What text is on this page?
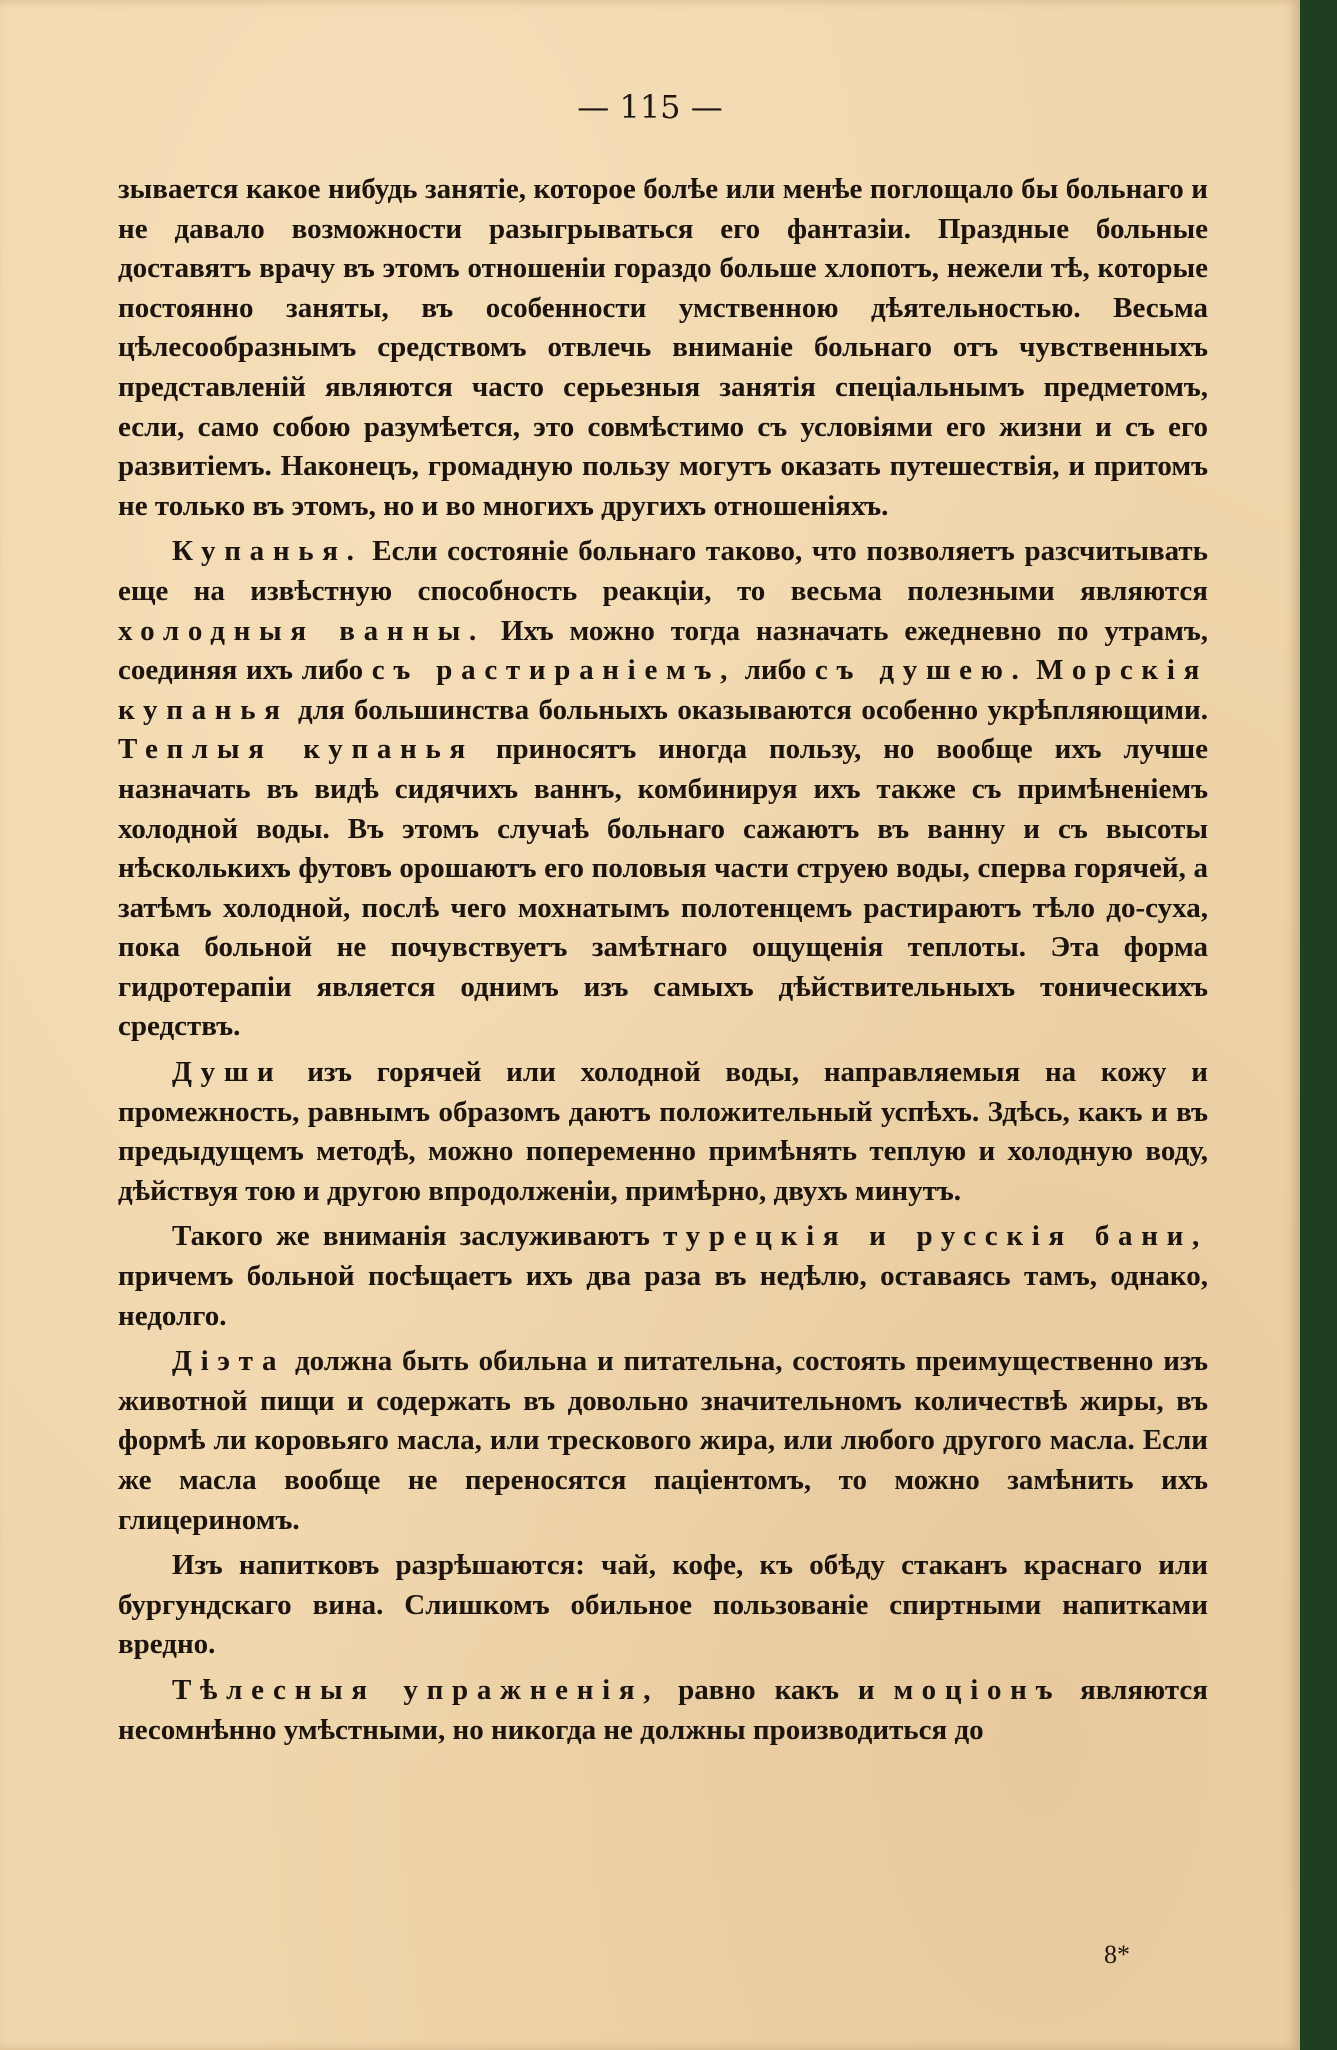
— 115 —

зывается какое нибудь занятіе, которое болѣе или менѣе поглощало бы больнаго и не давало возможности разыгрываться его фантазіи. Праздные больные доставятъ врачу въ этомъ отношеніи гораздо больше хлопотъ, нежели тѣ, которые постоянно заняты, въ особенности умственною дѣятельностью. Весьма цѣлесообразнымъ средствомъ отвлечь вниманіе больнаго отъ чувственныхъ представленій являются часто серьезныя занятія спеціальнымъ предметомъ, если, само собою разумѣется, это совмѣстимо съ условіями его жизни и съ его развитіемъ. Наконецъ, громадную пользу могутъ оказать путешествія, и притомъ не только въ этомъ, но и во многихъ другихъ отношеніяхъ.

Купанья. Если состояніе больнаго таково, что позволяетъ разсчитывать еще на извѣстную способность реакціи, то весьма полезными являются холодныя ванны. Ихъ можно тогда назначать ежедневно по утрамъ, соединяя ихъ либо съ растираніемъ, либо съ душею. Морскія купанья для большинства больныхъ оказываются особенно укрѣпляющими. Теплыя купанья приносятъ иногда пользу, но вообще ихъ лучше назначать въ видѣ сидячихъ ваннъ, комбинируя ихъ также съ примѣненіемъ холодной воды. Въ этомъ случаѣ больнаго сажаютъ въ ванну и съ высоты нѣсколькихъ футовъ орошаютъ его половыя части струею воды, сперва горячей, а затѣмъ холодной, послѣ чего мохнатымъ полотенцемъ растираютъ тѣло до-суха, пока больной не почувствуетъ замѣтнаго ощущенія теплоты. Эта форма гидротерапіи является однимъ изъ самыхъ дѣйствительныхъ тоническихъ средствъ.

Души изъ горячей или холодной воды, направляемыя на кожу и промежность, равнымъ образомъ даютъ положительный успѣхъ. Здѣсь, какъ и въ предыдущемъ методѣ, можно попеременно примѣнять теплую и холодную воду, дѣйствуя тою и другою впродолженіи, примѣрно, двухъ минутъ.

Такого же вниманія заслуживаютъ турецкія и русскія бани, причемъ больной посѣщаетъ ихъ два раза въ недѣлю, оставаясь тамъ, однако, недолго.

Діэта должна быть обильна и питательна, состоять преимущественно изъ животной пищи и содержать въ довольно значительномъ количествѣ жиры, въ формѣ ли коровьяго масла, или трескового жира, или любого другого масла. Если же масла вообще не переносятся паціентомъ, то можно замѣнить ихъ глицериномъ.

Изъ напитковъ разрѣшаются: чай, кофе, къ обѣду стаканъ краснаго или бургундскаго вина. Слишкомъ обильное пользованіе спиртными напитками вредно.

Тѣлесныя упражненія, равно какъ и моціонъ являются несомнѣнно умѣстными, но никогда не должны производиться до

8*
